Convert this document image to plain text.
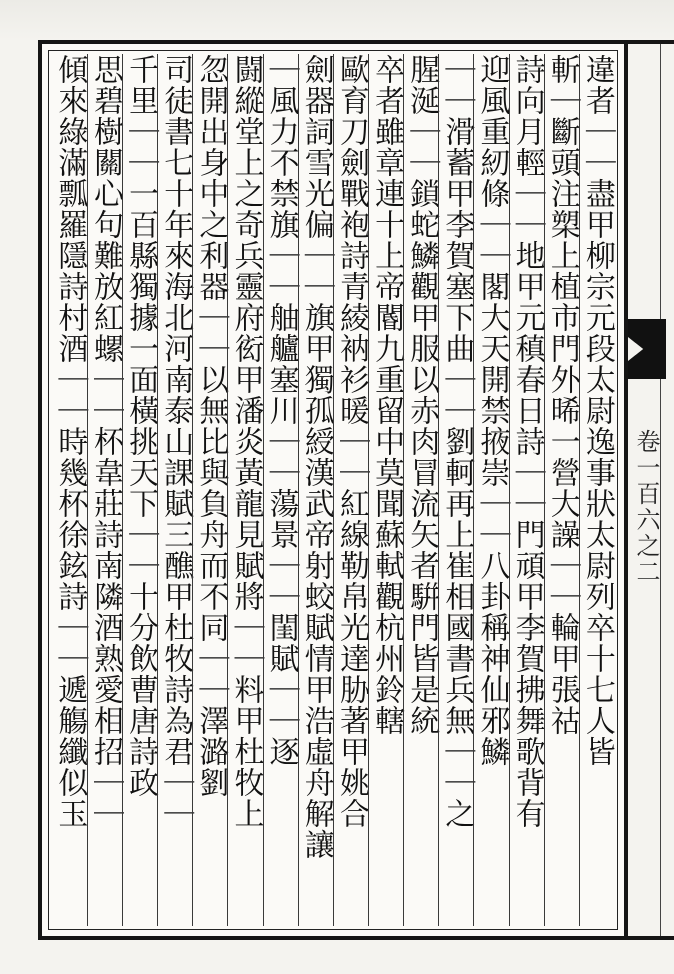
違者｜｜盡甲柳宗元段太尉逸事狀太尉列卒十七人皆
斬｜斷頭注槊上植市門外晞一營大譟｜｜輪甲張祜
詩向月輕｜｜地甲元稹春日詩｜｜門頑甲李賀拂舞歌背有
迎風重紉條｜｜閣大天開禁掖崇｜｜八卦稱神仙邪鱗
｜｜滑蓄甲李賀塞下曲｜｜劉軻再上崔相國書兵無｜｜之
腥涎｜｜鎖蛇鱗觀甲服以赤肉冒流矢者騈門皆是統
卒者雖章連十上帝閽九重留中莫聞蘇軾觀杭州鈴轄
歐育刀劍戰袍詩青綾衲衫暖｜｜紅線勒帛光達胁著甲姚合
劍器詞雪光偏｜｜旗甲獨孤綬漢武帝射蛟賦情甲浩虛舟解讓
｜風力不禁旗｜｜舳艫塞川｜｜蕩景｜｜閨賦｜｜逐
闘縱堂上之奇兵靈府衒甲潘炎黃龍見賦將｜｜料甲杜牧上
忽開出身中之利器｜｜以無比與負舟而不同｜｜澤潞劉
司徒書七十年來海北河南泰山課賦三醮甲杜牧詩為君｜｜
千里｜｜一百縣獨據一面橫挑天下｜｜十分飲曹唐詩政
思碧樹關心句難放紅螺｜｜杯韋莊詩南隣酒熟愛相招｜｜
傾來綠滿瓢羅隱詩村酒｜｜時幾杯徐鉉詩｜｜遞觴纖似玉	卷一百六之二
